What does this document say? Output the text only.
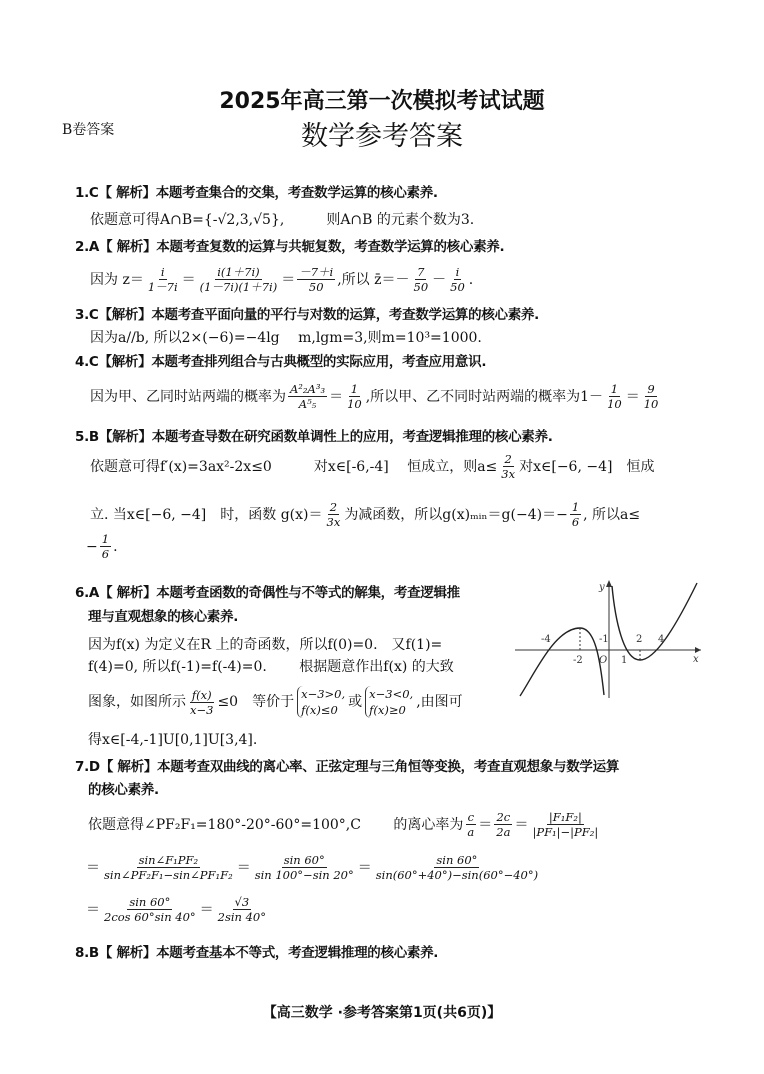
2025年高三第一次模拟考试试题
B卷答案	数学参考答案
1.C【 解析】本题考查集合的交集，考查数学运算的核心素养.
依题意可得A∩B={-√2,3,√5},　　　则A∩B 的元素个数为3.
2.A【 解析】本题考查复数的运算与共轭复数，考查数学运算的核心素养.
因为 $z= \frac{i}{1-7i} = \frac{i(1+7i)}{(1-7i)(1+7i)} = \frac{-7+i}{50}$ ,所以 z̄＝－ $\frac{7}{50} - \frac{i}{50}$ .
3.C【解析】本题考查平面向量的平行与对数的运算，考查数学运算的核心素养.
因为a//b, 所以2×(−6)=−4lg　 m,lgm=3,则m=10³=1000.
4.C【解析】本题考查排列组合与古典概型的实际应用，考查应用意识.
因为甲、乙同时站两端的概率为 $\frac{\text{A²₂A³₃}}{\text{A⁵₅}} = \frac{1}{10}$ ,所以甲、乙不同时站两端的概率为$1- \frac{1}{10} = \frac{9}{10}$
5.B【解析】本题考查导数在研究函数单调性上的应用，考查逻辑推理的核心素养.
依题意可得f′(x)=3ax²-2x≤0　　　对x∈[-6,-4]　 恒成立，则$a\le \frac{2}{3x}$ 对x∈[−6, −4]　恒成
立. 当x∈[−6, −4]　时，函数 $g(x)= \frac{2}{3x}$ 为减函数，所以g(x)ₘᵢₙ＝g(−4)＝− $\frac{1}{6}$ , 所以a≤
− $\frac{1}{6}$ .
6.A【 解析】本题考查函数的奇偶性与不等式的解集，考查逻辑推
理与直观想象的核心素养.
因为f(x) 为定义在R 上的奇函数，所以f(0)=0.　又f(1)=
f(4)=0, 所以f(-1)=f(-4)=0.　　 根据题意作出f(x) 的大致
图象，如图所示 $\frac{f(x)}{x-3} \le 0$　等价于 x−3>0,
f(x)≤0 或 x−3<0,
f(x)≥0 ,由图可
得x∈[-4,-1]U[0,1]U[3,4].
-4
-2
-1
1
2 4
O
y
x
7.D【 解析】本题考查双曲线的离心率、正弦定理与三角恒等变换，考查直观想象与数学运算
的核心素养.
依题意得∠PF₂F₁=180°-20°-60°=100°,C　　 的离心率为 $\frac{c}{a} = \frac{2c}{2a} = \frac{\text{|F₁F₂|}}{\text{|PF₁|−|PF₂|}}$
＝ $\frac{\text{sin∠F₁PF₂}}{\text{sin∠PF₂F₁−sin∠PF₁F₂}} = \frac{\sin 60^\circ}{\sin 100^\circ-\sin 20^\circ} = \frac{\sin 60^\circ}{\sin(60^\circ+40^\circ)-\sin(60^\circ-40^\circ)}$
＝ $\frac{\sin 60^\circ}{2\cos 60^\circ\sin 40^\circ} = \frac{√3}{2\sin 40^\circ}$
8.B【 解析】本题考查基本不等式，考查逻辑推理的核心素养.
【高三数学 ·参考答案第1页(共6页)】
